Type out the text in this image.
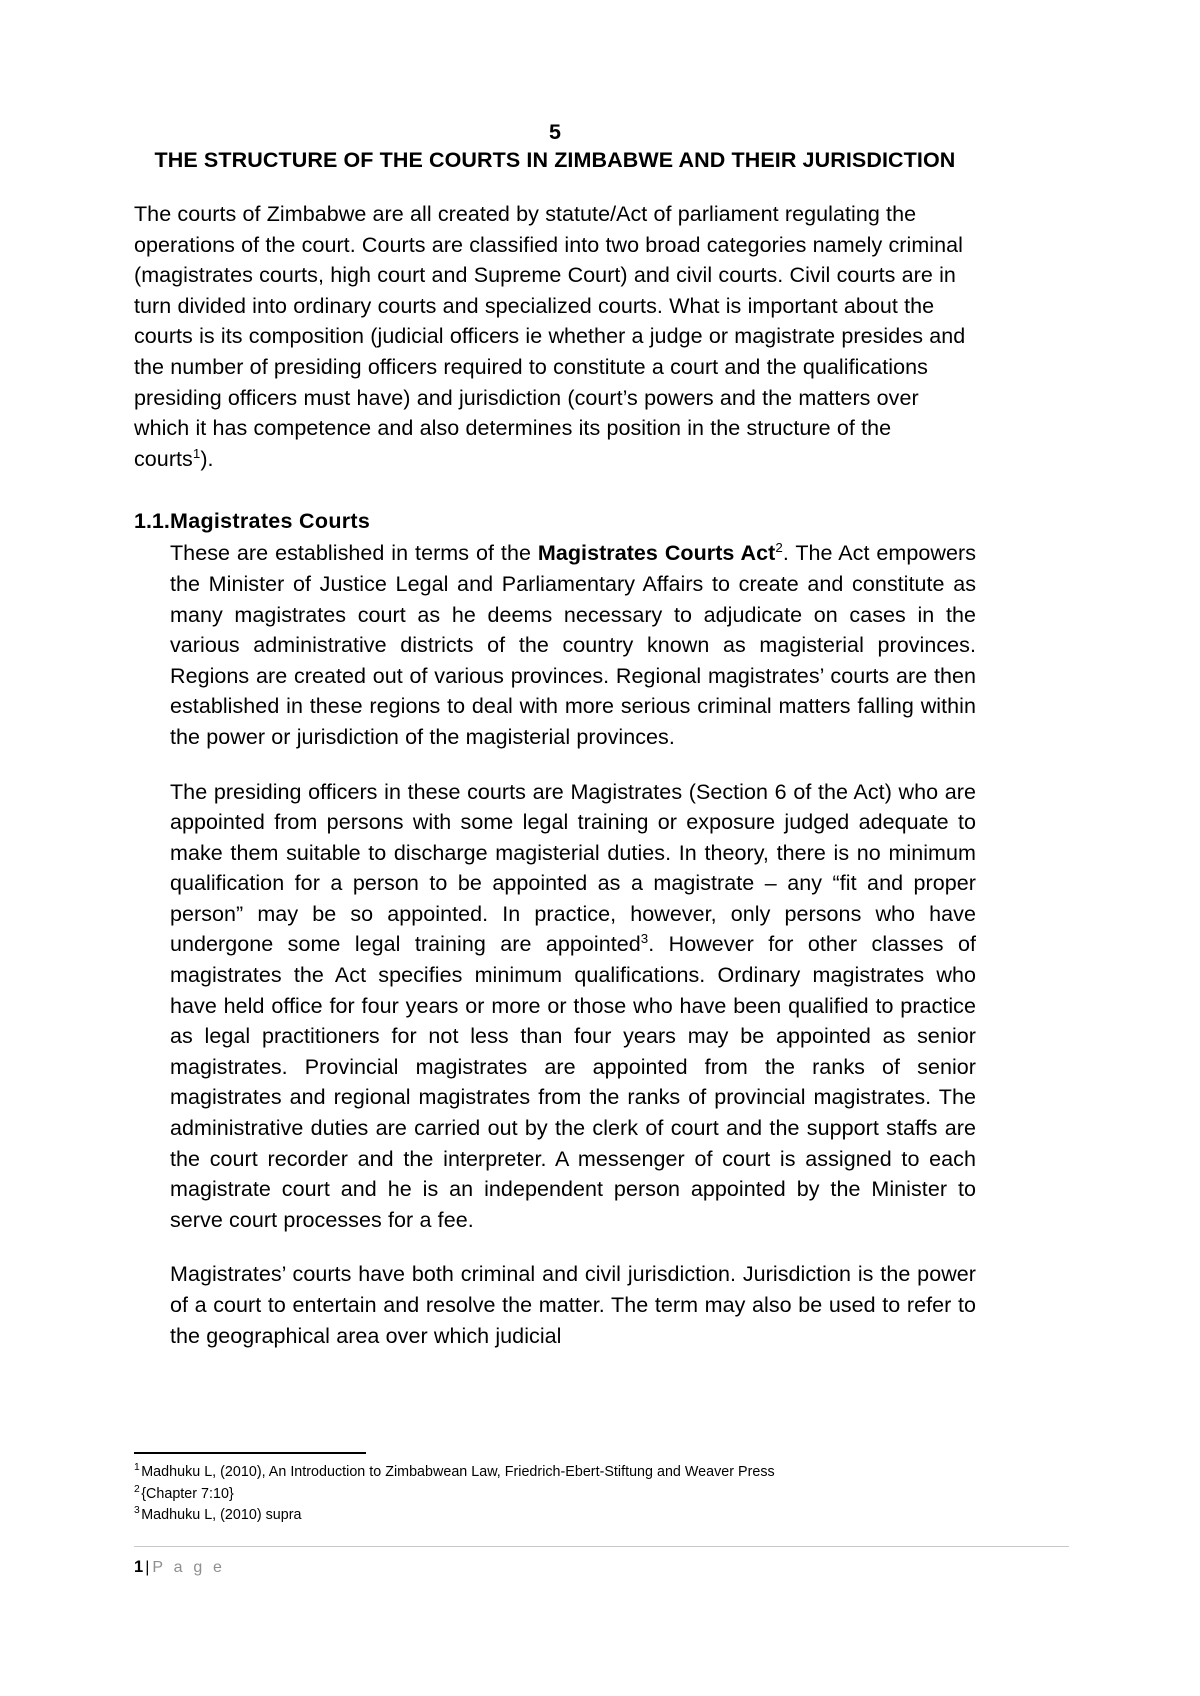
5
THE STRUCTURE OF THE COURTS IN ZIMBABWE AND THEIR JURISDICTION

The courts of Zimbabwe are all created by statute/Act of parliament regulating the operations of the court. Courts are classified into two broad categories namely criminal (magistrates courts, high court and Supreme Court) and civil courts. Civil courts are in turn divided into ordinary courts and specialized courts. What is important about the courts is its composition (judicial officers ie whether a judge or magistrate presides and the number of presiding officers required to constitute a court and the qualifications presiding officers must have) and jurisdiction (court’s powers and the matters over which it has competence and also determines its position in the structure of the courts$^1$).

1.1. Magistrates Courts

These are established in terms of the Magistrates Courts Act$^2$. The Act empowers the Minister of Justice Legal and Parliamentary Affairs to create and constitute as many magistrates court as he deems necessary to adjudicate on cases in the various administrative districts of the country known as magisterial provinces. Regions are created out of various provinces. Regional magistrates’ courts are then established in these regions to deal with more serious criminal matters falling within the power or jurisdiction of the magisterial provinces.

The presiding officers in these courts are Magistrates (Section 6 of the Act) who are appointed from persons with some legal training or exposure judged adequate to make them suitable to discharge magisterial duties. In theory, there is no minimum qualification for a person to be appointed as a magistrate – any “fit and proper person” may be so appointed. In practice, however, only persons who have undergone some legal training are appointed$^3$. However for other classes of magistrates the Act specifies minimum qualifications. Ordinary magistrates who have held office for four years or more or those who have been qualified to practice as legal practitioners for not less than four years may be appointed as senior magistrates. Provincial magistrates are appointed from the ranks of senior magistrates and regional magistrates from the ranks of provincial magistrates. The administrative duties are carried out by the clerk of court and the support staffs are the court recorder and the interpreter. A messenger of court is assigned to each magistrate court and he is an independent person appointed by the Minister to serve court processes for a fee.

Magistrates’ courts have both criminal and civil jurisdiction. Jurisdiction is the power of a court to entertain and resolve the matter. The term may also be used to refer to the geographical area over which judicial

$^1$ Madhuku L, (2010), An Introduction to Zimbabwean Law, Friedrich-Ebert-Stiftung and Weaver Press
$^2$ {Chapter 7:10}
$^3$ Madhuku L, (2010) supra
1 | P a g e
